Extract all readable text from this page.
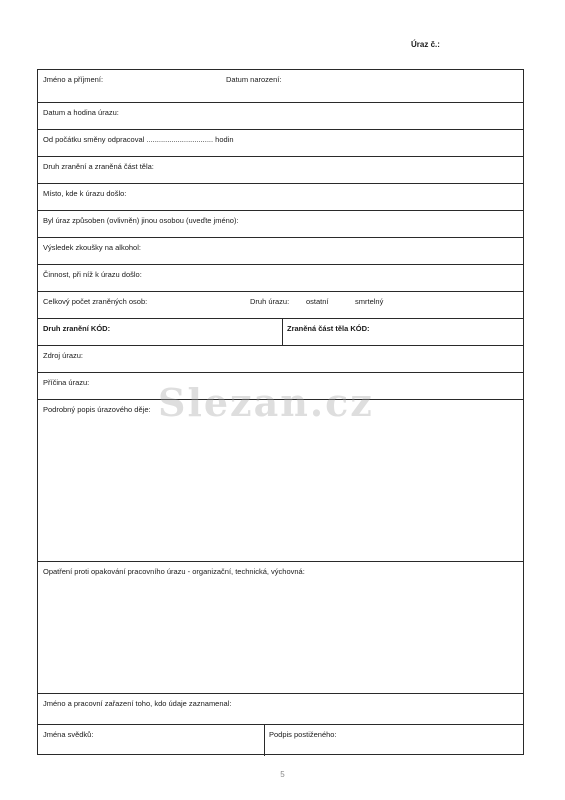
Úraz č.:
Jméno a příjmení:	Datum narození:
Datum a hodina úrazu:
Od počátku směny odpracoval ................................ hodin
Druh zranění a zraněná část těla:
Místo, kde k úrazu došlo:
Byl úraz způsoben (ovlivněn) jinou osobou (uveďte jméno):
Výsledek zkoušky na alkohol:
Činnost, při níž k úrazu došlo:
Celkový počet zraněných osob:	Druh úrazu: ostatní	smrtelný
Druh zranění KÓD:	Zraněná část těla KÓD:
Zdroj úrazu:
Příčina úrazu:
Podrobný popis úrazového děje:
Opatření proti opakování pracovního úrazu - organizační, technická, výchovná:
Jméno a pracovní zařazení toho, kdo údaje zaznamenal:
Jména svědků:	Podpis postiženého:
Slezan.cz
5
